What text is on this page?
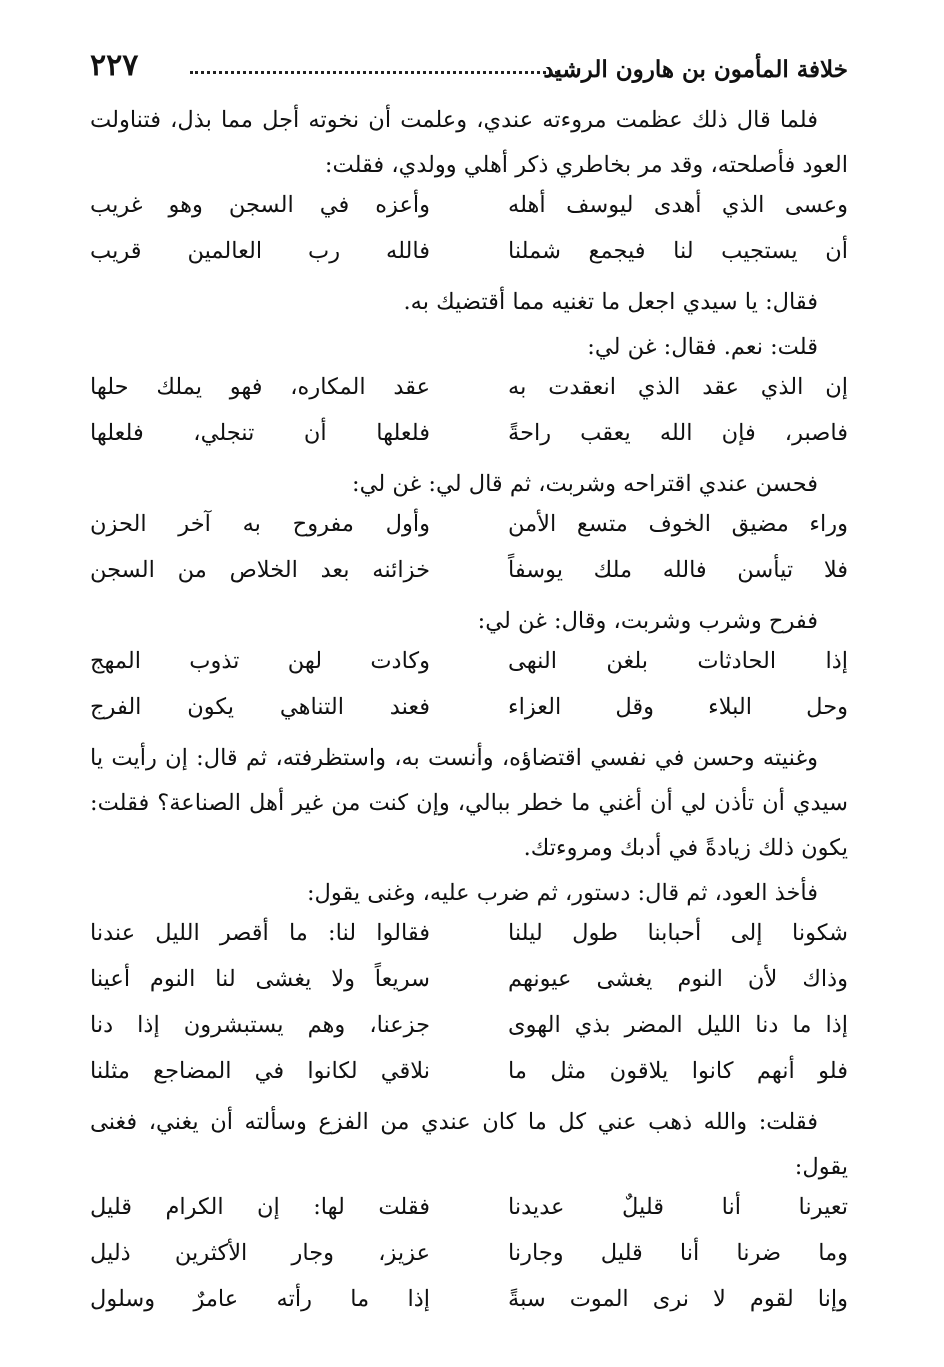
خلافة المأمون بن هارون الرشيد
٢٢٧

فلما قال ذلك عظمت مروءته عندي، وعلمت أن نخوته أجل مما بذل، فتناولت العود فأصلحته، وقد مر بخاطري ذكر أهلي وولدي، فقلت:

وعسى الذي أهدى ليوسف أهله
وأعزه في السجن وهو غريب
أن يستجيب لنا فيجمع شملنا
فالله رب العالمين قريب

فقال: يا سيدي اجعل ما تغنيه مما أقتضيك به.

قلت: نعم. فقال: غن لي:

إن الذي عقد الذي انعقدت به
عقد المكاره، فهو يملك حلها
فاصبر، فإن الله يعقب راحةً
فلعلها أن تنجلي، فلعلها

فحسن عندي اقتراحه وشربت، ثم قال لي: غن لي:

وراء مضيق الخوف متسع الأمن
وأول مفروح به آخر الحزن
فلا تيأسن فالله ملك يوسفاً
خزائنه بعد الخلاص من السجن

ففرح وشرب وشربت، وقال: غن لي:

إذا الحادثات بلغن النهى
وكادت لهن تذوب المهج
وحل البلاء وقل العزاء
فعند التناهي يكون الفرج

وغنيته وحسن في نفسي اقتضاؤه، وأنست به، واستظرفته، ثم قال: إن رأيت يا سيدي أن تأذن لي أن أغني ما خطر ببالي، وإن كنت من غير أهل الصناعة؟ فقلت: يكون ذلك زيادةً في أدبك ومروءتك.

فأخذ العود، ثم قال: دستور، ثم ضرب عليه، وغنى يقول:

شكونا إلى أحبابنا طول ليلنا
فقالوا لنا: ما أقصر الليل عندنا
وذاك لأن النوم يغشى عيونهم
سريعاً ولا يغشى لنا النوم أعينا
إذا ما دنا الليل المضر بذي الهوى
جزعنا، وهم يستبشرون إذا دنا
فلو أنهم كانوا يلاقون مثل ما
نلاقي لكانوا في المضاجع مثلنا

فقلت: والله ذهب عني كل ما كان عندي من الفزع وسألته أن يغني، فغنى يقول:

تعيرنا أنا قليلٌ عديدنا
فقلت لها: إن الكرام قليل
وما ضرنا أنا قليل وجارنا
عزيز، وجار الأكثرين ذليل
وإنا لقوم لا نرى الموت سبةً
إذا ما رأته عامرٌ وسلول
